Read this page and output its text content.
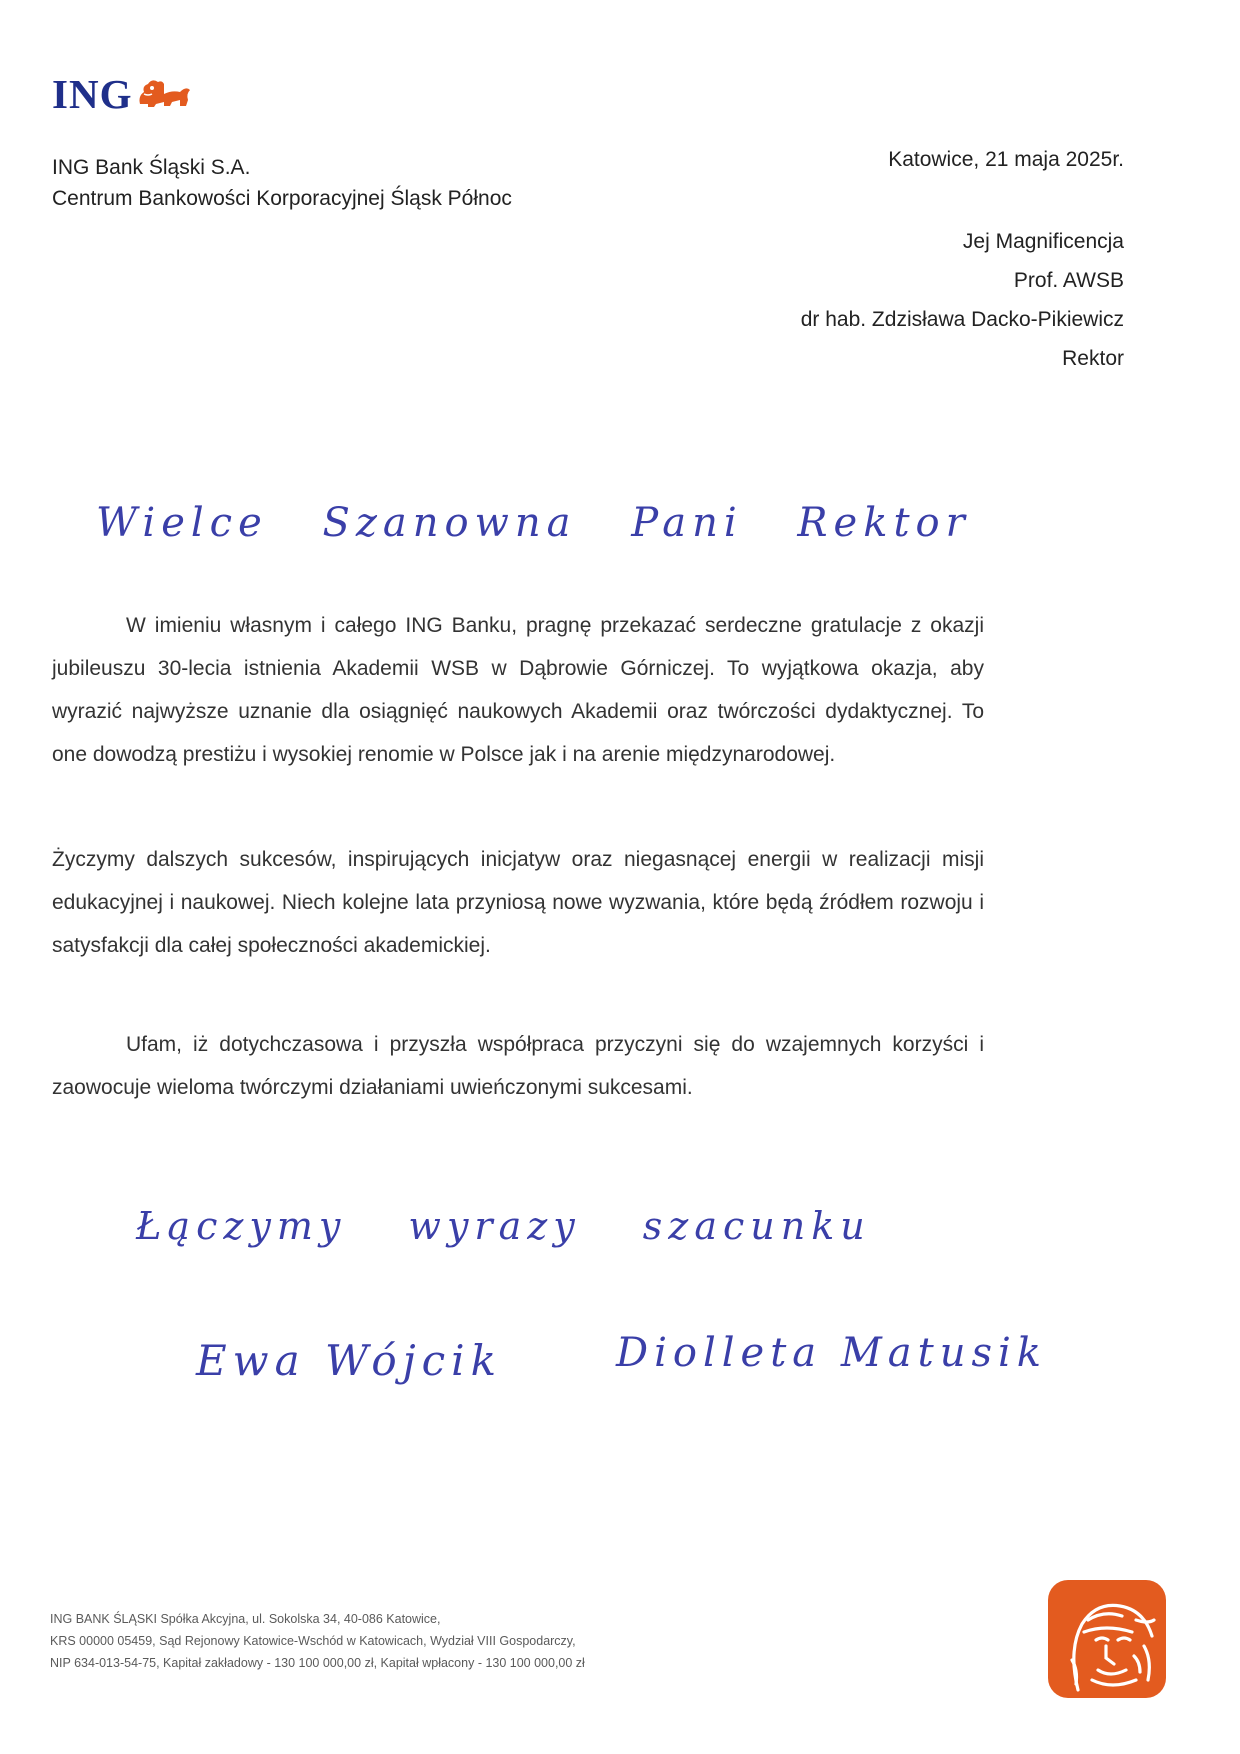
ING
ING Bank Śląski S.A.
Centrum Bankowości Korporacyjnej Śląsk Północ
Katowice, 21 maja 2025r.
Jej Magnificencja
Prof. AWSB
dr hab. Zdzisława Dacko-Pikiewicz
Rektor
Wielce Szanowna Pani Rektor
W imieniu własnym i całego ING Banku, pragnę przekazać serdeczne gratulacje z okazji jubileuszu 30-lecia istnienia Akademii WSB w Dąbrowie Górniczej. To wyjątkowa okazja, aby wyrazić najwyższe uznanie dla osiągnięć naukowych Akademii oraz twórczości dydaktycznej. To one dowodzą prestiżu i wysokiej renomie w Polsce jak i na arenie międzynarodowej.
Życzymy dalszych sukcesów, inspirujących inicjatyw oraz niegasnącej energii w realizacji misji edukacyjnej i naukowej. Niech kolejne lata przyniosą nowe wyzwania, które będą źródłem rozwoju i satysfakcji dla całej społeczności akademickiej.
Ufam, iż dotychczasowa i przyszła współpraca przyczyni się do wzajemnych korzyści i zaowocuje wieloma twórczymi działaniami uwieńczonymi sukcesami.
Łączymy wyrazy szacunku
Ewa Wójcik	Diolleta Matusik
ING BANK ŚLĄSKI Spółka Akcyjna, ul. Sokolska 34, 40-086 Katowice,
KRS 00000 05459, Sąd Rejonowy Katowice-Wschód w Katowicach, Wydział VIII Gospodarczy,
NIP 634-013-54-75, Kapitał zakładowy - 130 100 000,00 zł, Kapitał wpłacony - 130 100 000,00 zł
